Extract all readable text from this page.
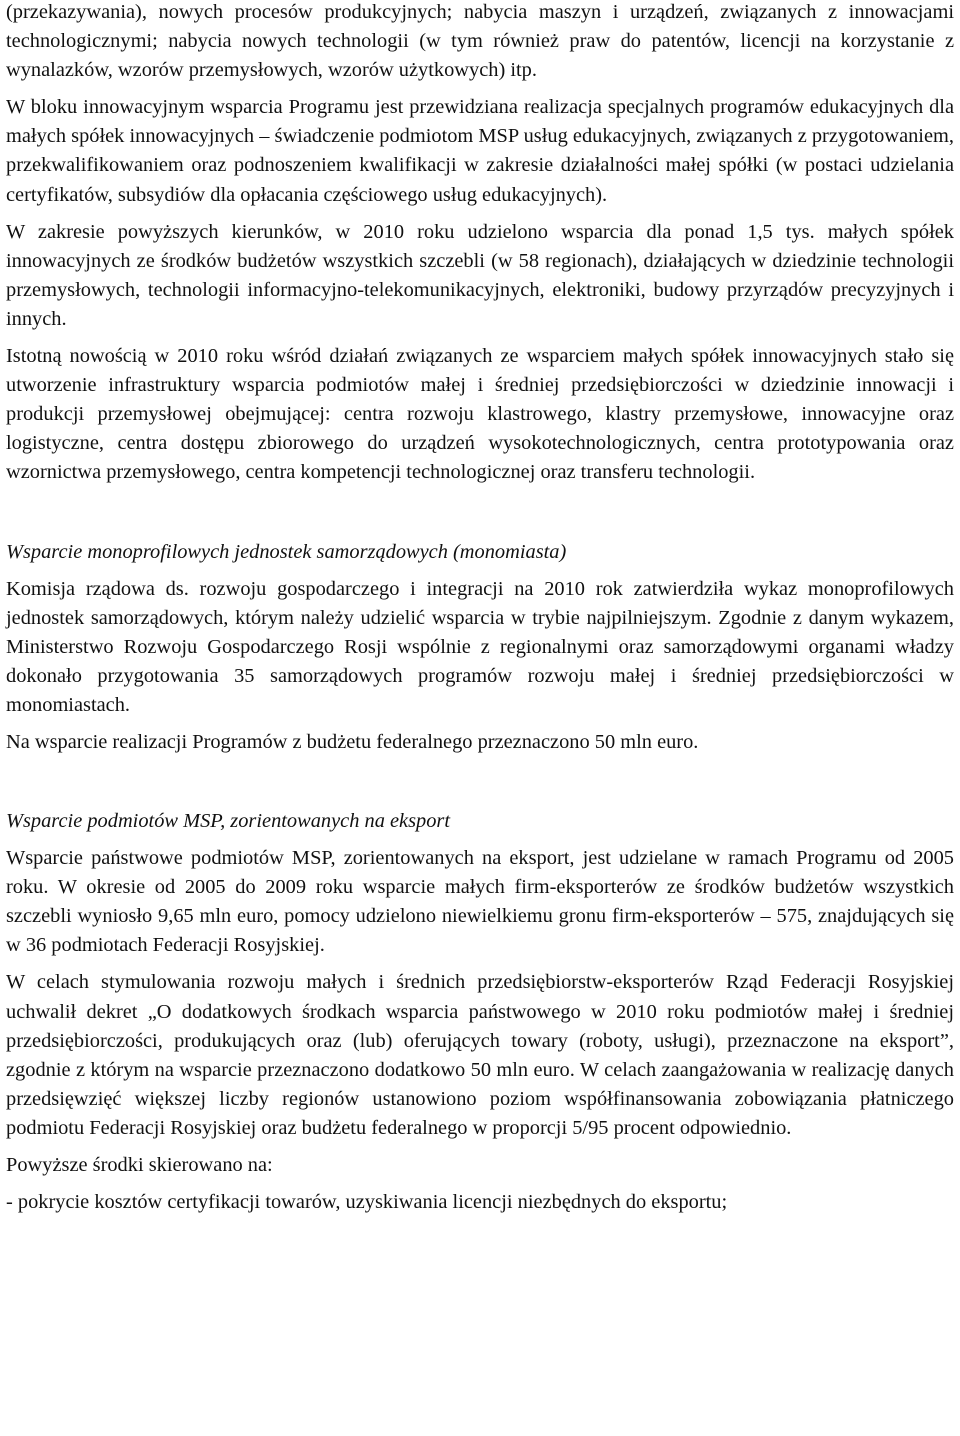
(przekazywania), nowych procesów produkcyjnych; nabycia maszyn i urządzeń, związanych z innowacjami technologicznymi; nabycia nowych technologii (w tym również praw do patentów, licencji na korzystanie z wynalazków, wzorów przemysłowych, wzorów użytkowych) itp.

W bloku innowacyjnym wsparcia Programu jest przewidziana realizacja specjalnych programów edukacyjnych dla małych spółek innowacyjnych – świadczenie podmiotom MSP usług edukacyjnych, związanych z przygotowaniem, przekwalifikowaniem oraz podnoszeniem kwalifikacji w zakresie działalności małej spółki (w postaci udzielania certyfikatów, subsydiów dla opłacania częściowego usług edukacyjnych).

W zakresie powyższych kierunków, w 2010 roku udzielono wsparcia dla ponad 1,5 tys. małych spółek innowacyjnych ze środków budżetów wszystkich szczebli (w 58 regionach), działających w dziedzinie technologii przemysłowych, technologii informacyjno-telekomunikacyjnych, elektroniki, budowy przyrządów precyzyjnych i innych.

Istotną nowością w 2010 roku wśród działań związanych ze wsparciem małych spółek innowacyjnych stało się utworzenie infrastruktury wsparcia podmiotów małej i średniej przedsiębiorczości w dziedzinie innowacji i produkcji przemysłowej obejmującej: centra rozwoju klastrowego, klastry przemysłowe, innowacyjne oraz logistyczne, centra dostępu zbiorowego do urządzeń wysokotechnologicznych, centra prototypowania oraz wzornictwa przemysłowego, centra kompetencji technologicznej oraz transferu technologii.

Wsparcie monoprofilowych jednostek samorządowych (monomiasta)

Komisja rządowa ds. rozwoju gospodarczego i integracji na 2010 rok zatwierdziła wykaz monoprofilowych jednostek samorządowych, którym należy udzielić wsparcia w trybie najpilniejszym. Zgodnie z danym wykazem, Ministerstwo Rozwoju Gospodarczego Rosji wspólnie z regionalnymi oraz samorządowymi organami władzy dokonało przygotowania 35 samorządowych programów rozwoju małej i średniej przedsiębiorczości w monomiastach.

Na wsparcie realizacji Programów z budżetu federalnego przeznaczono 50 mln euro.

Wsparcie podmiotów MSP, zorientowanych na eksport

Wsparcie państwowe podmiotów MSP, zorientowanych na eksport, jest udzielane w ramach Programu od 2005 roku. W okresie od 2005 do 2009 roku wsparcie małych firm-eksporterów ze środków budżetów wszystkich szczebli wyniosło 9,65 mln euro, pomocy udzielono niewielkiemu gronu firm-eksporterów – 575, znajdujących się w 36 podmiotach Federacji Rosyjskiej.

W celach stymulowania rozwoju małych i średnich przedsiębiorstw-eksporterów Rząd Federacji Rosyjskiej uchwalił dekret „O dodatkowych środkach wsparcia państwowego w 2010 roku podmiotów małej i średniej przedsiębiorczości, produkujących oraz (lub) oferujących towary (roboty, usługi), przeznaczone na eksport”, zgodnie z którym na wsparcie przeznaczono dodatkowo 50 mln euro. W celach zaangażowania w realizację danych przedsięwzięć większej liczby regionów ustanowiono poziom współfinansowania zobowiązania płatniczego podmiotu Federacji Rosyjskiej oraz budżetu federalnego w proporcji 5/95 procent odpowiednio.

Powyższe środki skierowano na:

- pokrycie kosztów certyfikacji towarów, uzyskiwania licencji niezbędnych do eksportu;
